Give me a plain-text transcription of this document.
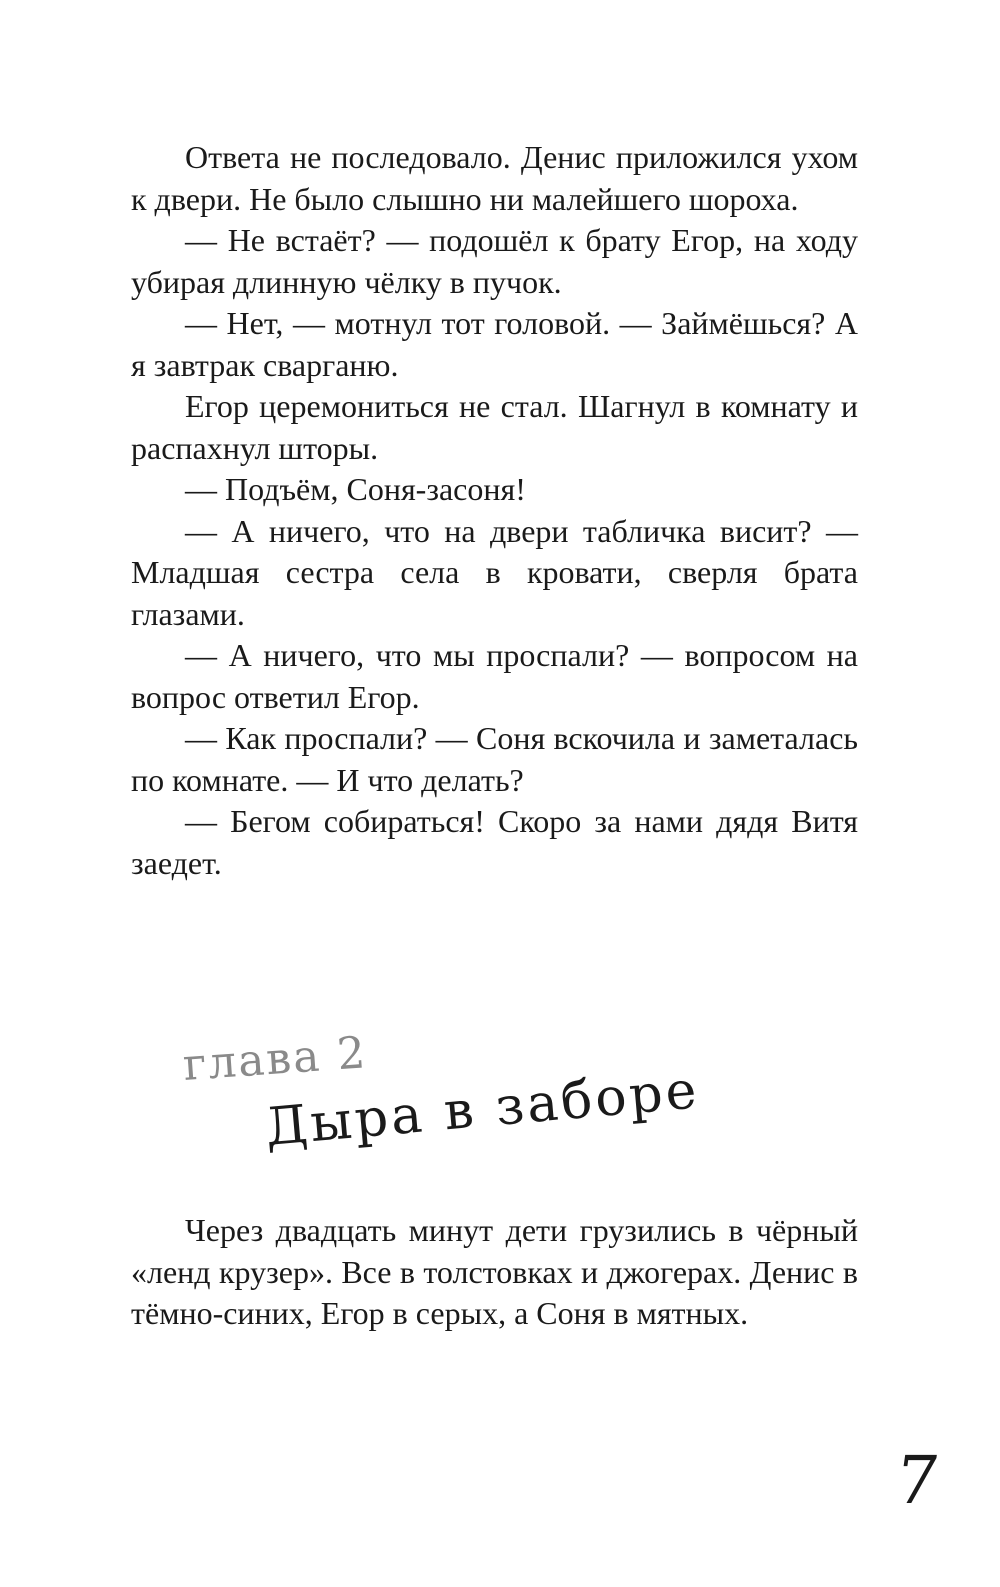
Ответа не последовало. Денис приложился ухом к двери. Не было слышно ни малейшего шороха.

— Не встаёт? — подошёл к брату Егор, на ходу убирая длинную чёлку в пучок.

— Нет, — мотнул тот головой. — Займёшься? А я завтрак сварганю.

Егор церемониться не стал. Шагнул в комнату и распахнул шторы.

— Подъём, Соня-засоня!

— А ничего, что на двери табличка висит? — Младшая сестра села в кровати, сверля брата глазами.

— А ничего, что мы проспали? — вопросом на вопрос ответил Егор.

— Как проспали? — Соня вскочила и заметалась по комнате. — И что делать?

— Бегом собираться! Скоро за нами дядя Витя заедет.

глава 2
Дыра в заборе

Через двадцать минут дети грузились в чёрный «ленд крузер». Все в толстовках и джогерах. Денис в тёмно-синих, Егор в серых, а Соня в мятных.

7
